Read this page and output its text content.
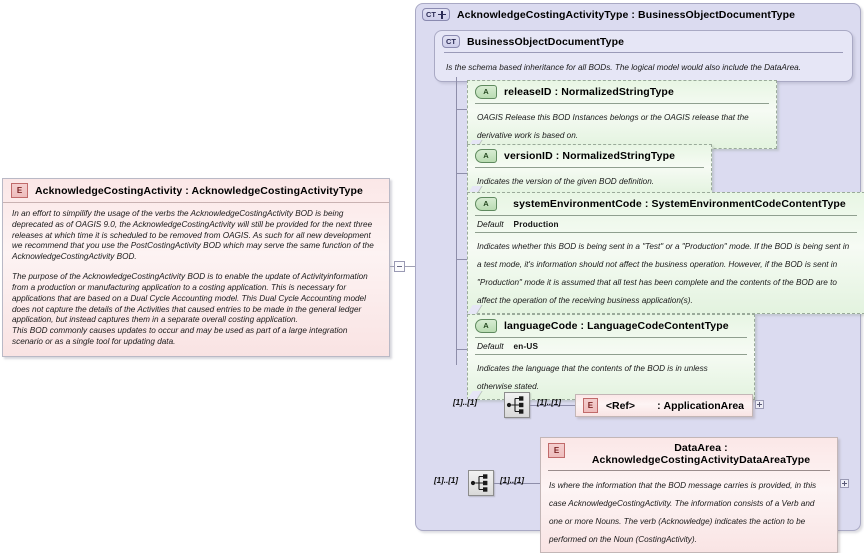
E	AcknowledgeCostingActivity : AcknowledgeCostingActivityType

In an effort to simpilify the usage of the verbs the AcknowledgeCostingActivity BOD is being deprecated as of OAGIS 9.0, the AcknowledgeCostingActivity will still be provided for the next three releases at which time it is scheduled to be removed from OAGIS. As such for all new development we recommend that you use the PostCostingActivity BOD which may serve the same function of the AcknowledgeCostingActivity BOD.

The purpose of the AcknowledgeCostingActivity BOD is to enable the update of Activityinformation from a production or manufacturing application to a costing application. This is necessary for applications that are based on a Dual Cycle Accounting model. This Dual Cycle Accounting model does not capture the details of the Activities that caused entries to be made in the general ledger application, but instead captures them in a separate overall costing application.

This BOD commonly causes updates to occur and may be used as part of a large integration scenario or as a single tool for updating data.

CT AcknowledgeCostingActivityType : BusinessObjectDocumentType
CT	BusinessObjectDocumentType
A	releaseID : NormalizedStringType
OAGIS Release this BOD Instances belongs or the OAGIS release that the derivative work is based on.
A	versionID : NormalizedStringType
Indicates the version of the given BOD definition.
A	systemEnvironmentCode : SystemEnvironmentCodeContentType
Default Production
Indicates whether this BOD is being sent in a "Test" or a "Production" mode. If the BOD is being sent in a test mode, it's information should not affect the business operation. However, if the BOD is sent in "Production" mode it is assumed that all test has been complete and the contents of the BOD are to affect the operation of the receiving business application(s).
A	languageCode : LanguageCodeContentType
Default en-US
Indicates the language that the contents of the BOD is in unless otherwise stated.
[1]..[1]	[1]..[1]	E	<Ref> : ApplicationArea
Is the schema based inheritance for all BODs. The logical model would also include the DataArea.
[1]..[1]	[1]..[1]
E	DataArea : AcknowledgeCostingActivityDataAreaType
Is where the information that the BOD message carries is provided, in this case AcknowledgeCostingActivity. The information consists of a Verb and one or more Nouns. The verb (Acknowledge) indicates the action to be performed on the Noun (CostingActivity).
